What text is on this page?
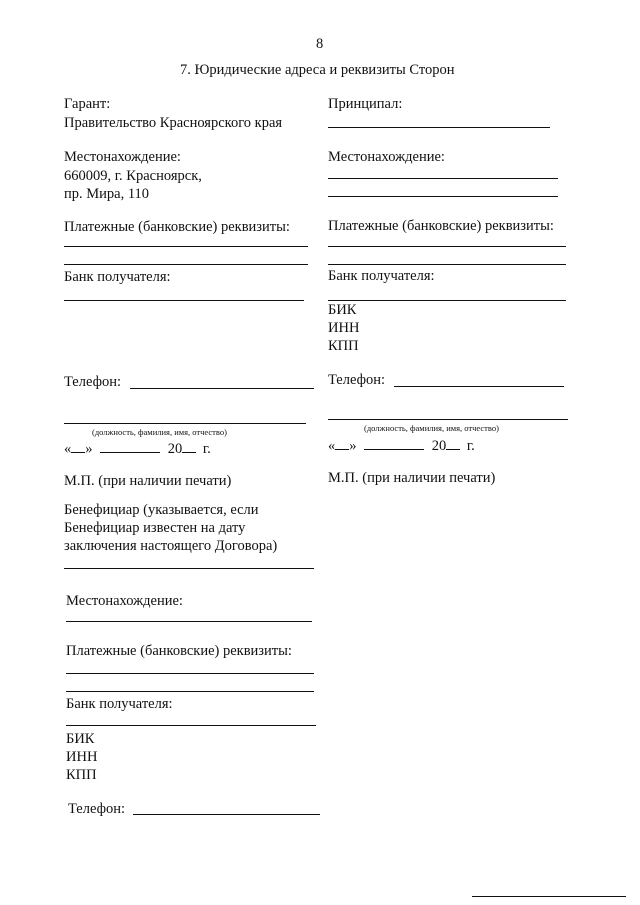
8
7. Юридические адреса и реквизиты Сторон
Гарант:
Правительство Красноярского края
Местонахождение:
660009, г. Красноярск,
пр. Мира, 110
Платежные (банковские) реквизиты:
Банк получателя:
Телефон:
(должность, фамилия, имя, отчество)
« »	20 г.
М.П. (при наличии печати)
Принципал:
Местонахождение:
Платежные (банковские) реквизиты:
Банк получателя:
БИК
ИНН
КПП
Телефон:
(должность, фамилия, имя, отчество)
« »	20 г.
М.П. (при наличии печати)
Бенефициар (указывается, если
Бенефициар известен на дату
заключения настоящего Договора)
Местонахождение:
Платежные (банковские) реквизиты:
Банк получателя:
БИК
ИНН
КПП
Телефон:
